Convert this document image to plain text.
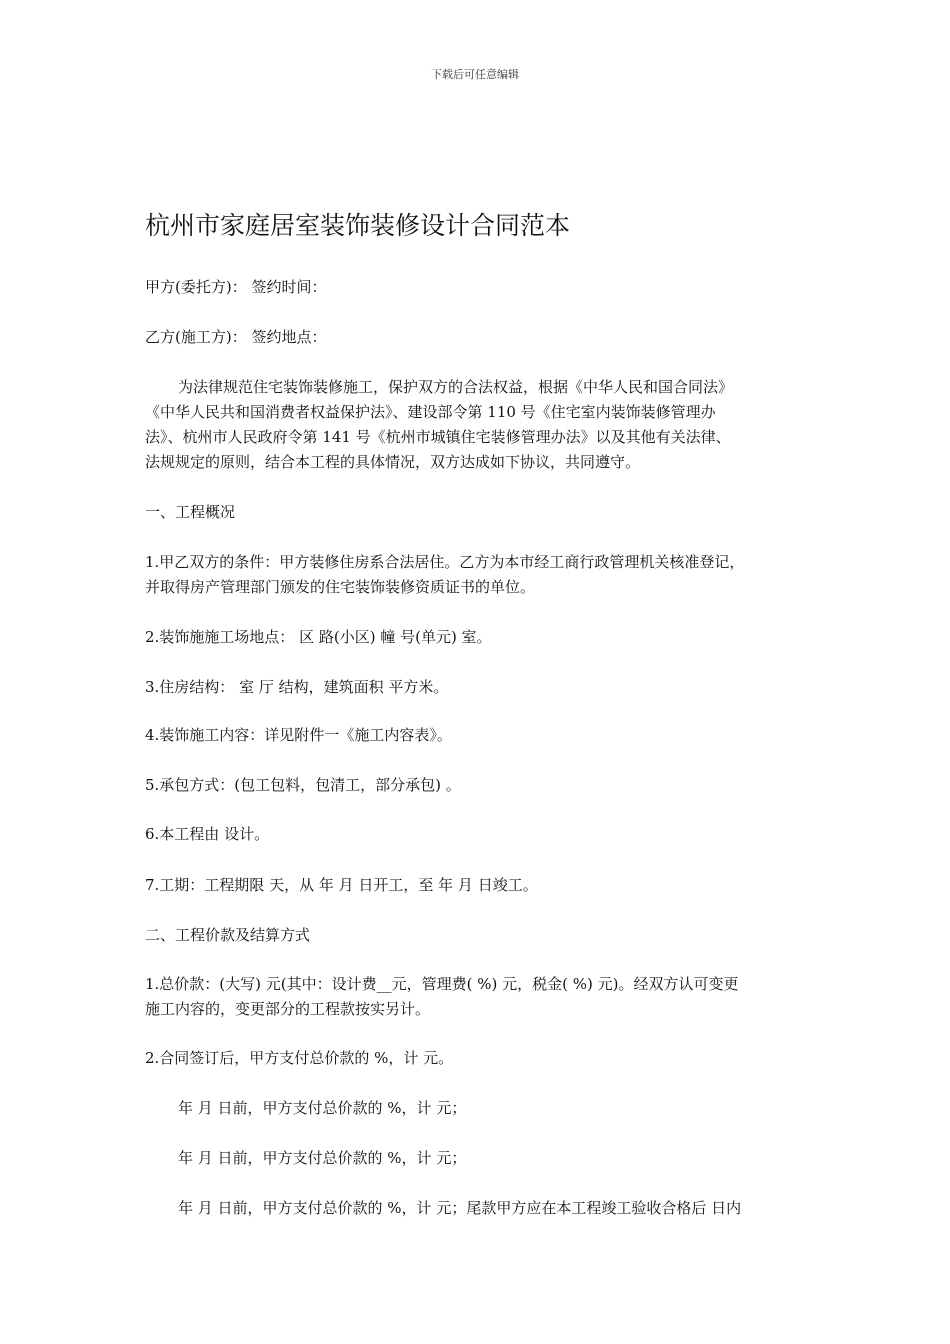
下载后可任意编辑
杭州市家庭居室装饰装修设计合同范本
甲方(委托方)： 签约时间：
乙方(施工方)： 签约地点：
为法律规范住宅装饰装修施工，保护双方的合法权益，根据《中华人民和国合同法》
《中华人民共和国消费者权益保护法》、建设部令第 110 号《住宅室内装饰装修管理办
法》、杭州市人民政府令第 141 号《杭州市城镇住宅装修管理办法》以及其他有关法律、
法规规定的原则，结合本工程的具体情况，双方达成如下协议，共同遵守。
一、工程概况
1.甲乙双方的条件：甲方装修住房系合法居住。乙方为本市经工商行政管理机关核准登记，
并取得房产管理部门颁发的住宅装饰装修资质证书的单位。
2.装饰施施工场地点： 区 路(小区) 幢 号(单元) 室。
3.住房结构： 室 厅 结构，建筑面积 平方米。
4.装饰施工内容：详见附件一《施工内容表》。
5.承包方式：(包工包料，包清工，部分承包) 。
6.本工程由 设计。
7.工期：工程期限 天，从 年 月 日开工，至 年 月 日竣工。
二、工程价款及结算方式
1.总价款：(大写) 元(其中：设计费__元，管理费( %) 元，税金( %) 元)。经双方认可变更
施工内容的，变更部分的工程款按实另计。
2.合同签订后，甲方支付总价款的 %，计 元。
年 月 日前，甲方支付总价款的 %，计 元；
年 月 日前，甲方支付总价款的 %，计 元；
年 月 日前，甲方支付总价款的 %，计 元；尾款甲方应在本工程竣工验收合格后 日内
